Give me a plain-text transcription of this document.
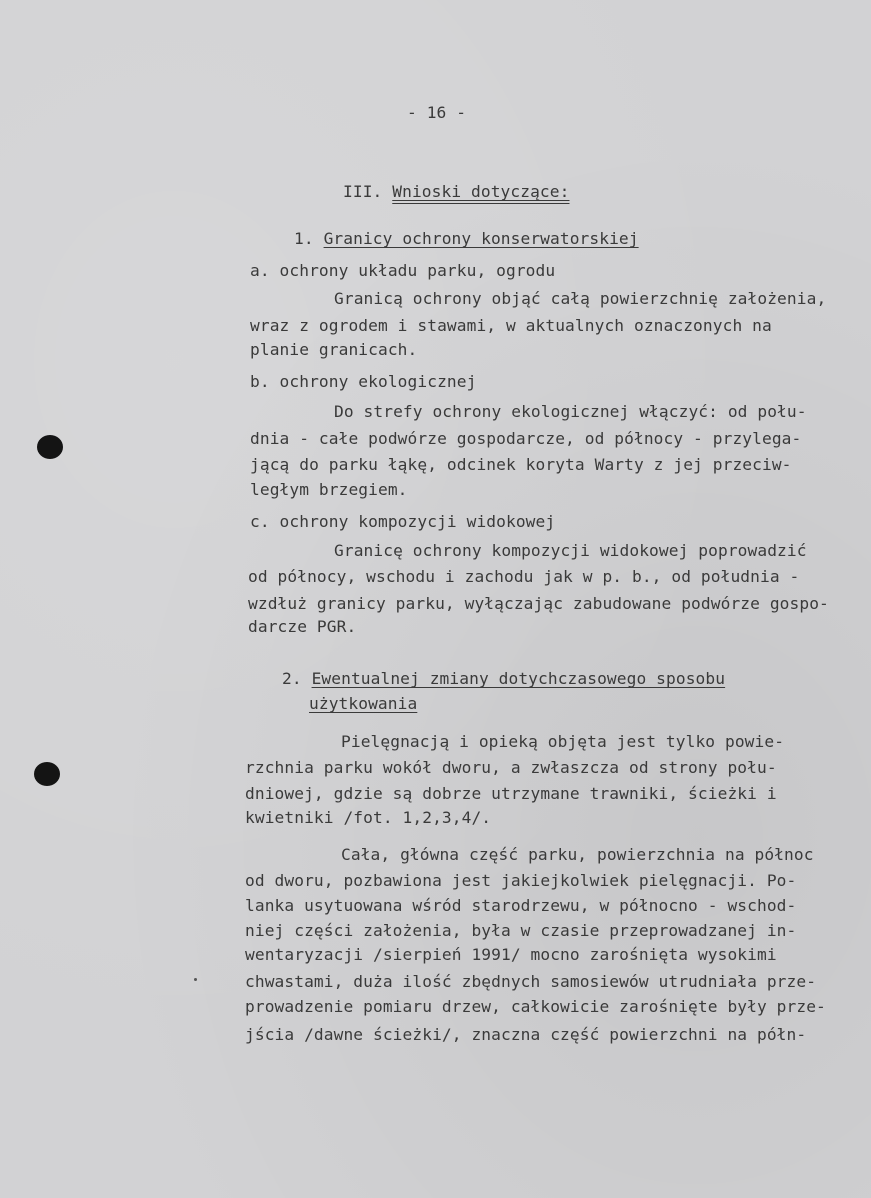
- 16 -
III. Wnioski dotyczące:
1. Granicy ochrony konserwatorskiej
a. ochrony układu parku, ogrodu
Granicą ochrony objąć całą powierzchnię założenia,
wraz z ogrodem i stawami, w aktualnych oznaczonych na
planie granicach.
b. ochrony ekologicznej
Do strefy ochrony ekologicznej włączyć: od połu-
dnia - całe podwórze gospodarcze, od północy - przylega-
jącą do parku łąkę, odcinek koryta Warty z jej przeciw-
ległym brzegiem.
c. ochrony kompozycji widokowej
Granicę ochrony kompozycji widokowej poprowadzić
od północy, wschodu i zachodu jak w p. b., od południa -
wzdłuż granicy parku, wyłączając zabudowane podwórze gospo-
darcze PGR.
2. Ewentualnej zmiany dotychczasowego sposobu
użytkowania
Pielęgnacją i opieką objęta jest tylko powie-
rzchnia parku wokół dworu, a zwłaszcza od strony połu-
dniowej, gdzie są dobrze utrzymane trawniki, ścieżki i
kwietniki /fot. 1,2,3,4/.
Cała, główna część parku, powierzchnia na północ
od dworu, pozbawiona jest jakiejkolwiek pielęgnacji. Po-
lanka usytuowana wśród starodrzewu, w północno - wschod-
niej części założenia, była w czasie przeprowadzanej in-
wentaryzacji /sierpień 1991/ mocno zarośnięta wysokimi
chwastami, duża ilość zbędnych samosiewów utrudniała prze-
prowadzenie pomiaru drzew, całkowicie zarośnięte były prze-
jścia /dawne ścieżki/, znaczna część powierzchni na półn-
